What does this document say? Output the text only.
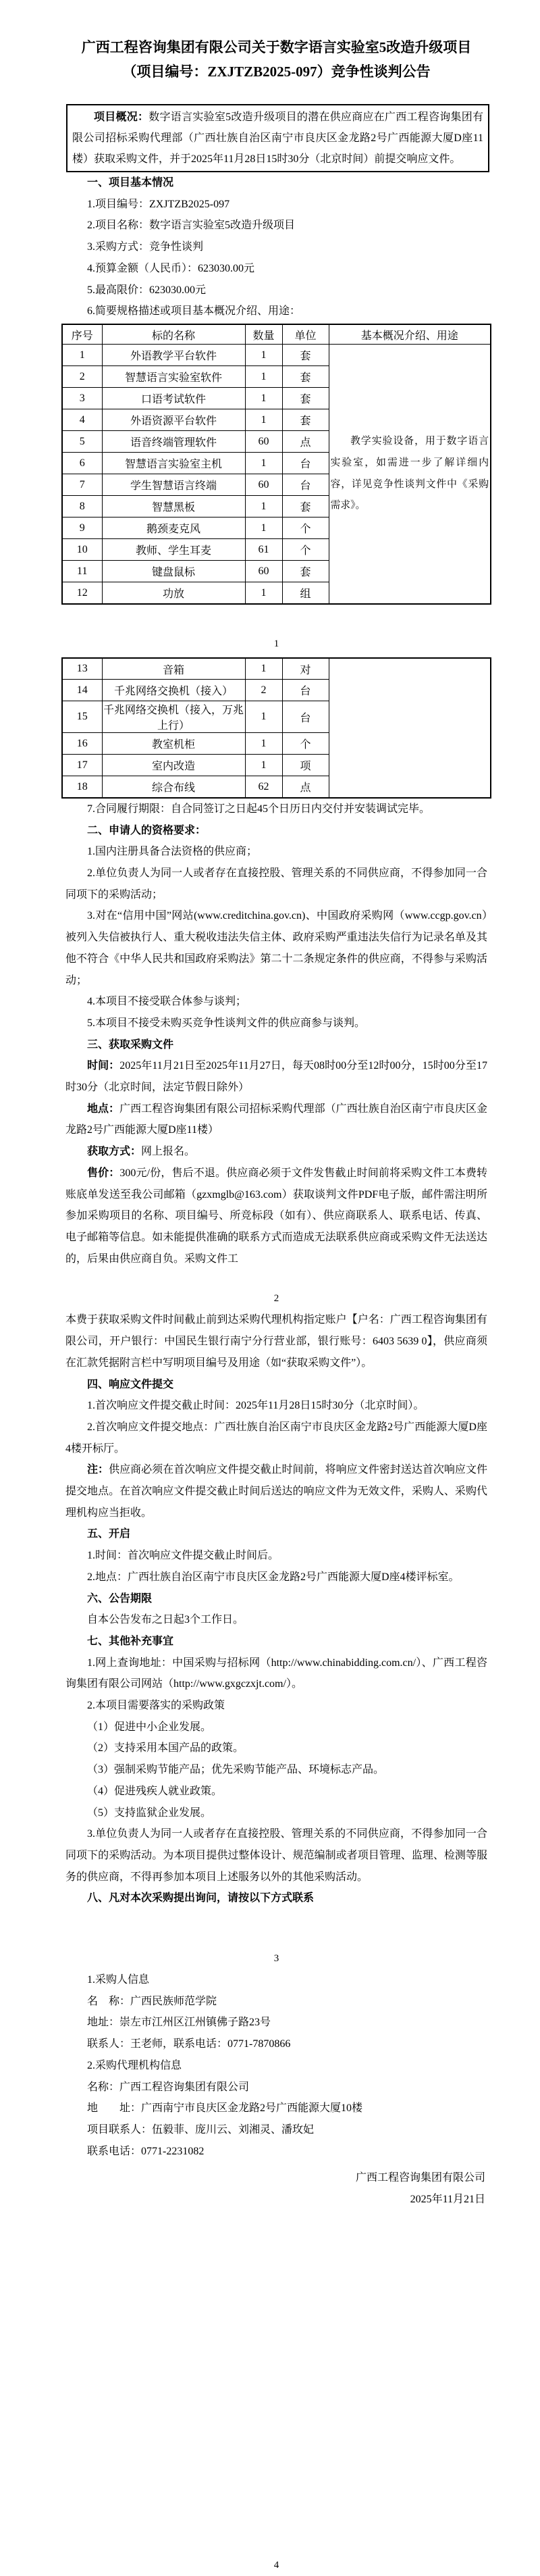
广西工程咨询集团有限公司关于数字语言实验室5改造升级项目
（项目编号：ZXJTZB2025-097）竞争性谈判公告

项目概况：数字语言实验室5改造升级项目的潜在供应商应在广西工程咨询集团有限公司招标采购代理部（广西壮族自治区南宁市良庆区金龙路2号广西能源大厦D座11楼）获取采购文件，并于2025年11月28日15时30分（北京时间）前提交响应文件。

一、项目基本情况

1.项目编号：ZXJTZB2025-097

2.项目名称：数字语言实验室5改造升级项目

3.采购方式：竞争性谈判

4.预算金额（人民币）：623030.00元

5.最高限价：623030.00元

6.简要规格描述或项目基本概况介绍、用途：

序号	标的名称	数量	单位	基本概况介绍、用途
1	外语教学平台软件	1	套	教学实验设备，用于数字语言实验室，如需进一步了解详细内容，详见竞争性谈判文件中《采购需求》。

2	智慧语言实验室软件	1	套	
3	口语考试软件	1	套	
4	外语资源平台软件	1	套	
5	语音终端管理软件	60	点	
6	智慧语言实验室主机	1	台	
7	学生智慧语言终端	60	台	
8	智慧黑板	1	套	
9	鹅颈麦克风	1	个	
10	教师、学生耳麦	61	个	
11	键盘鼠标	60	套	
12	功放	1	组	
1
13	音箱	1	对	
14	千兆网络交换机（接入）	2	台	
15	千兆网络交换机（接入，万兆上行）	1	台	
16	教室机柜	1	个	
17	室内改造	1	项	
18	综合布线	62	点	

7.合同履行期限：自合同签订之日起45个日历日内交付并安装调试完毕。

二、申请人的资格要求：

1.国内注册具备合法资格的供应商；

2.单位负责人为同一人或者存在直接控股、管理关系的不同供应商，不得参加同一合同项下的采购活动；

3.对在“信用中国”网站(www.creditchina.gov.cn)、中国政府采购网（www.ccgp.gov.cn）被列入失信被执行人、重大税收违法失信主体、政府采购严重违法失信行为记录名单及其他不符合《中华人民共和国政府采购法》第二十二条规定条件的供应商，不得参与采购活动；

4.本项目不接受联合体参与谈判；

5.本项目不接受未购买竞争性谈判文件的供应商参与谈判。

三、获取采购文件

时间：2025年11月21日至2025年11月27日，每天08时00分至12时00分，15时00分至17时30分（北京时间，法定节假日除外）

地点：广西工程咨询集团有限公司招标采购代理部（广西壮族自治区南宁市良庆区金龙路2号广西能源大厦D座11楼）

获取方式：网上报名。

售价：300元/份，售后不退。供应商必须于文件发售截止时间前将采购文件工本费转账底单发送至我公司邮箱（gzxmglb@163.com）获取谈判文件PDF电子版，邮件需注明所参加采购项目的名称、项目编号、所竞标段（如有）、供应商联系人、联系电话、传真、电子邮箱等信息。如未能提供准确的联系方式而造成无法联系供应商或采购文件无法送达的，后果由供应商自负。采购文件工

2

本费于获取采购文件时间截止前到达采购代理机构指定账户【户名：广西工程咨询集团有限公司，开户银行：中国民生银行南宁分行营业部，银行账号：6403 5639 0】，供应商须在汇款凭据附言栏中写明项目编号及用途（如“获取采购文件”）。

四、响应文件提交

1.首次响应文件提交截止时间：2025年11月28日15时30分（北京时间）。

2.首次响应文件提交地点：广西壮族自治区南宁市良庆区金龙路2号广西能源大厦D座4楼开标厅。

注：供应商必须在首次响应文件提交截止时间前，将响应文件密封送达首次响应文件提交地点。在首次响应文件提交截止时间后送达的响应文件为无效文件，采购人、采购代理机构应当拒收。

五、开启

1.时间：首次响应文件提交截止时间后。

2.地点：广西壮族自治区南宁市良庆区金龙路2号广西能源大厦D座4楼评标室。

六、公告期限

自本公告发布之日起3个工作日。

七、其他补充事宜

1.网上查询地址：中国采购与招标网（http://www.chinabidding.com.cn/）、广西工程咨询集团有限公司网站（http://www.gxgczxjt.com/）。

2.本项目需要落实的采购政策

（1）促进中小企业发展。

（2）支持采用本国产品的政策。

（3）强制采购节能产品；优先采购节能产品、环境标志产品。

（4）促进残疾人就业政策。

（5）支持监狱企业发展。

3.单位负责人为同一人或者存在直接控股、管理关系的不同供应商，不得参加同一合同项下的采购活动。为本项目提供过整体设计、规范编制或者项目管理、监理、检测等服务的供应商，不得再参加本项目上述服务以外的其他采购活动。

八、凡对本次采购提出询问，请按以下方式联系

3

1.采购人信息

名　称：广西民族师范学院

地址：崇左市江州区江州镇佛子路23号

联系人：王老师，联系电话：0771-7870866

2.采购代理机构信息

名称：广西工程咨询集团有限公司

地　　址：广西南宁市良庆区金龙路2号广西能源大厦10楼

项目联系人：伍毅菲、庞川云、刘湘灵、潘玫妃

联系电话：0771-2231082

广西工程咨询集团有限公司
2025年11月21日
4
